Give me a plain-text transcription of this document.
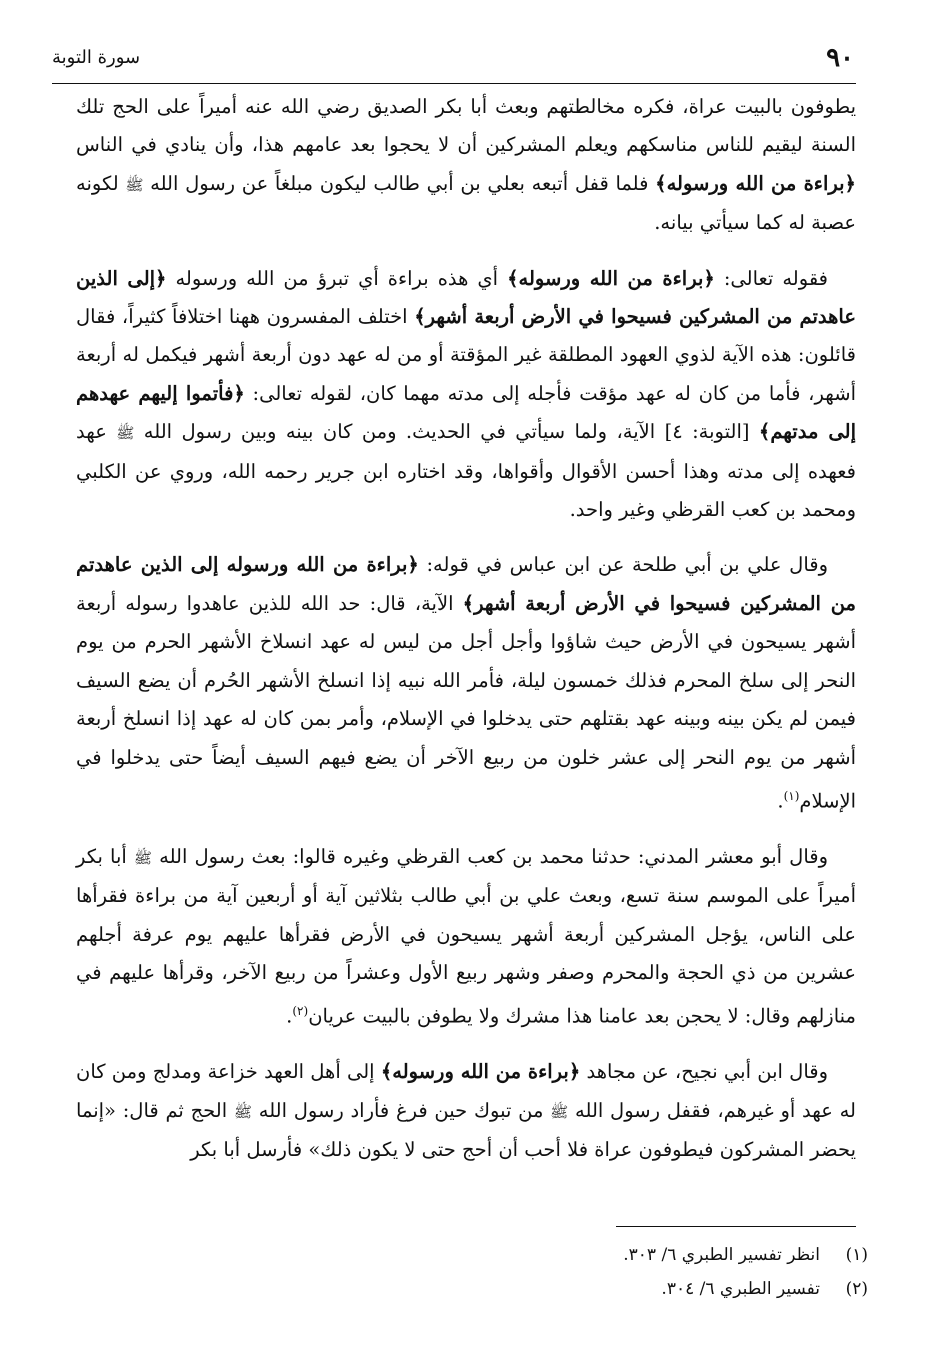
٩٠
سورة التوبة

يطوفون بالبيت عراة، فكره مخالطتهم وبعث أبا بكر الصديق رضي الله عنه أميراً على الحج تلك السنة ليقيم للناس مناسكهم ويعلم المشركين أن لا يحجوا بعد عامهم هذا، وأن ينادي في الناس ﴿براءة من الله ورسوله﴾ فلما قفل أتبعه بعلي بن أبي طالب ليكون مبلغاً عن رسول الله ﷺ لكونه عصبة له كما سيأتي بيانه.

فقوله تعالى: ﴿براءة من الله ورسوله﴾ أي هذه براءة أي تبرؤ من الله ورسوله ﴿إلى الذين عاهدتم من المشركين فسيحوا في الأرض أربعة أشهر﴾ اختلف المفسرون ههنا اختلافاً كثيراً، فقال قائلون: هذه الآية لذوي العهود المطلقة غير المؤقتة أو من له عهد دون أربعة أشهر فيكمل له أربعة أشهر، فأما من كان له عهد مؤقت فأجله إلى مدته مهما كان، لقوله تعالى: ﴿فأتموا إليهم عهدهم إلى مدتهم﴾ [التوبة: ٤] الآية، ولما سيأتي في الحديث. ومن كان بينه وبين رسول الله ﷺ عهد فعهده إلى مدته وهذا أحسن الأقوال وأقواها، وقد اختاره ابن جرير رحمه الله، وروي عن الكلبي ومحمد بن كعب القرظي وغير واحد.

وقال علي بن أبي طلحة عن ابن عباس في قوله: ﴿براءة من الله ورسوله إلى الذين عاهدتم من المشركين فسيحوا في الأرض أربعة أشهر﴾ الآية، قال: حد الله للذين عاهدوا رسوله أربعة أشهر يسيحون في الأرض حيث شاؤوا وأجل أجل من ليس له عهد انسلاخ الأشهر الحرم من يوم النحر إلى سلخ المحرم فذلك خمسون ليلة، فأمر الله نبيه إذا انسلخ الأشهر الحُرم أن يضع السيف فيمن لم يكن بينه وبينه عهد بقتلهم حتى يدخلوا في الإسلام، وأمر بمن كان له عهد إذا انسلخ أربعة أشهر من يوم النحر إلى عشر خلون من ربيع الآخر أن يضع فيهم السيف أيضاً حتى يدخلوا في الإسلام$^{(١)}$.

وقال أبو معشر المدني: حدثنا محمد بن كعب القرظي وغيره قالوا: بعث رسول الله ﷺ أبا بكر أميراً على الموسم سنة تسع، وبعث علي بن أبي طالب بثلاثين آية أو أربعين آية من براءة فقرأها على الناس، يؤجل المشركين أربعة أشهر يسيحون في الأرض فقرأها عليهم يوم عرفة أجلهم عشرين من ذي الحجة والمحرم وصفر وشهر ربيع الأول وعشراً من ربيع الآخر، وقرأها عليهم في منازلهم وقال: لا يحجن بعد عامنا هذا مشرك ولا يطوفن بالبيت عريان$^{(٢)}$.

وقال ابن أبي نجيح، عن مجاهد ﴿براءة من الله ورسوله﴾ إلى أهل العهد خزاعة ومدلج ومن كان له عهد أو غيرهم، فقفل رسول الله ﷺ من تبوك حين فرغ فأراد رسول الله ﷺ الحج ثم قال: «إنما يحضر المشركون فيطوفون عراة فلا أحب أن أحج حتى لا يكون ذلك» فأرسل أبا بكر

(١)انظر تفسير الطبري ٦/ ٣٠٣.
(٢)تفسير الطبري ٦/ ٣٠٤.
